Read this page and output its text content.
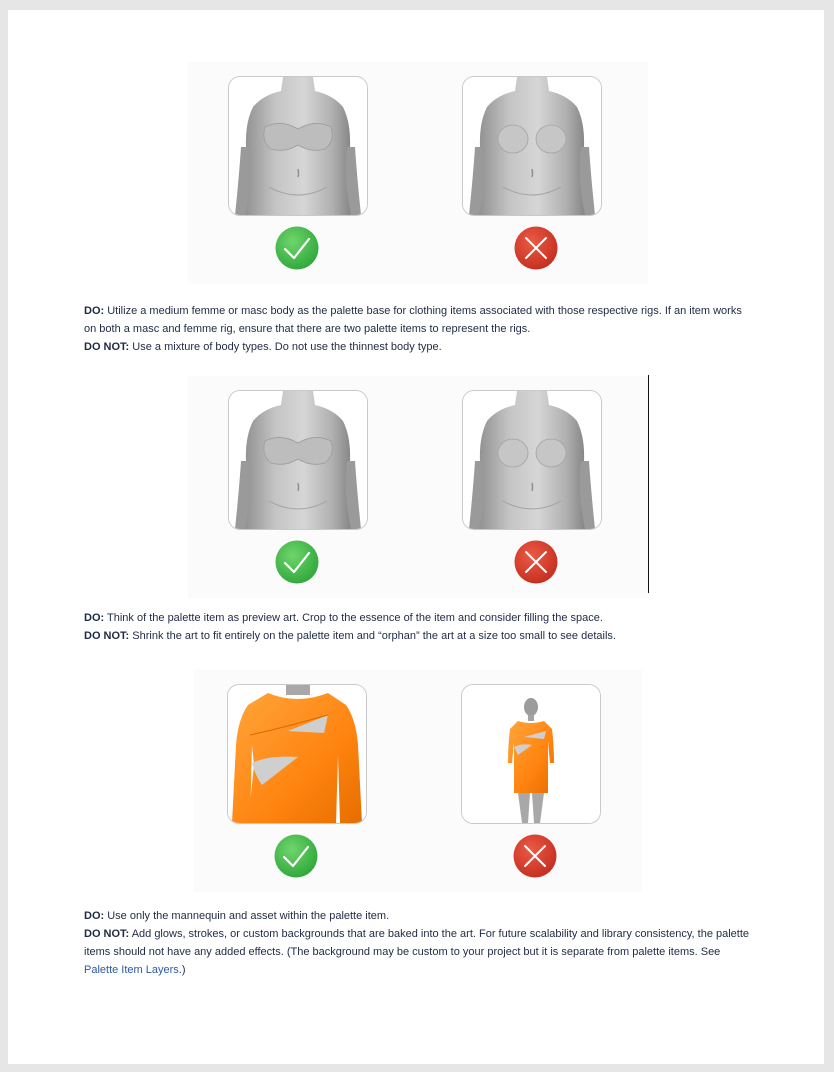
DO: Utilize a medium femme or masc body as the palette base for clothing items associated with those respective rigs. If an item works on both a masc and femme rig, ensure that there are two palette items to represent the rigs.

DO NOT: Use a mixture of body types. Do not use the thinnest body type.

DO: Think of the palette item as preview art. Crop to the essence of the item and consider filling the space.

DO NOT: Shrink the art to fit entirely on the palette item and “orphan” the art at a size too small to see details.

DO: Use only the mannequin and asset within the palette item.

DO NOT: Add glows, strokes, or custom backgrounds that are baked into the art. For future scalability and library consistency, the palette items should not have any added effects. (The background may be custom to your project but it is separate from palette items. See Palette Item Layers.)
